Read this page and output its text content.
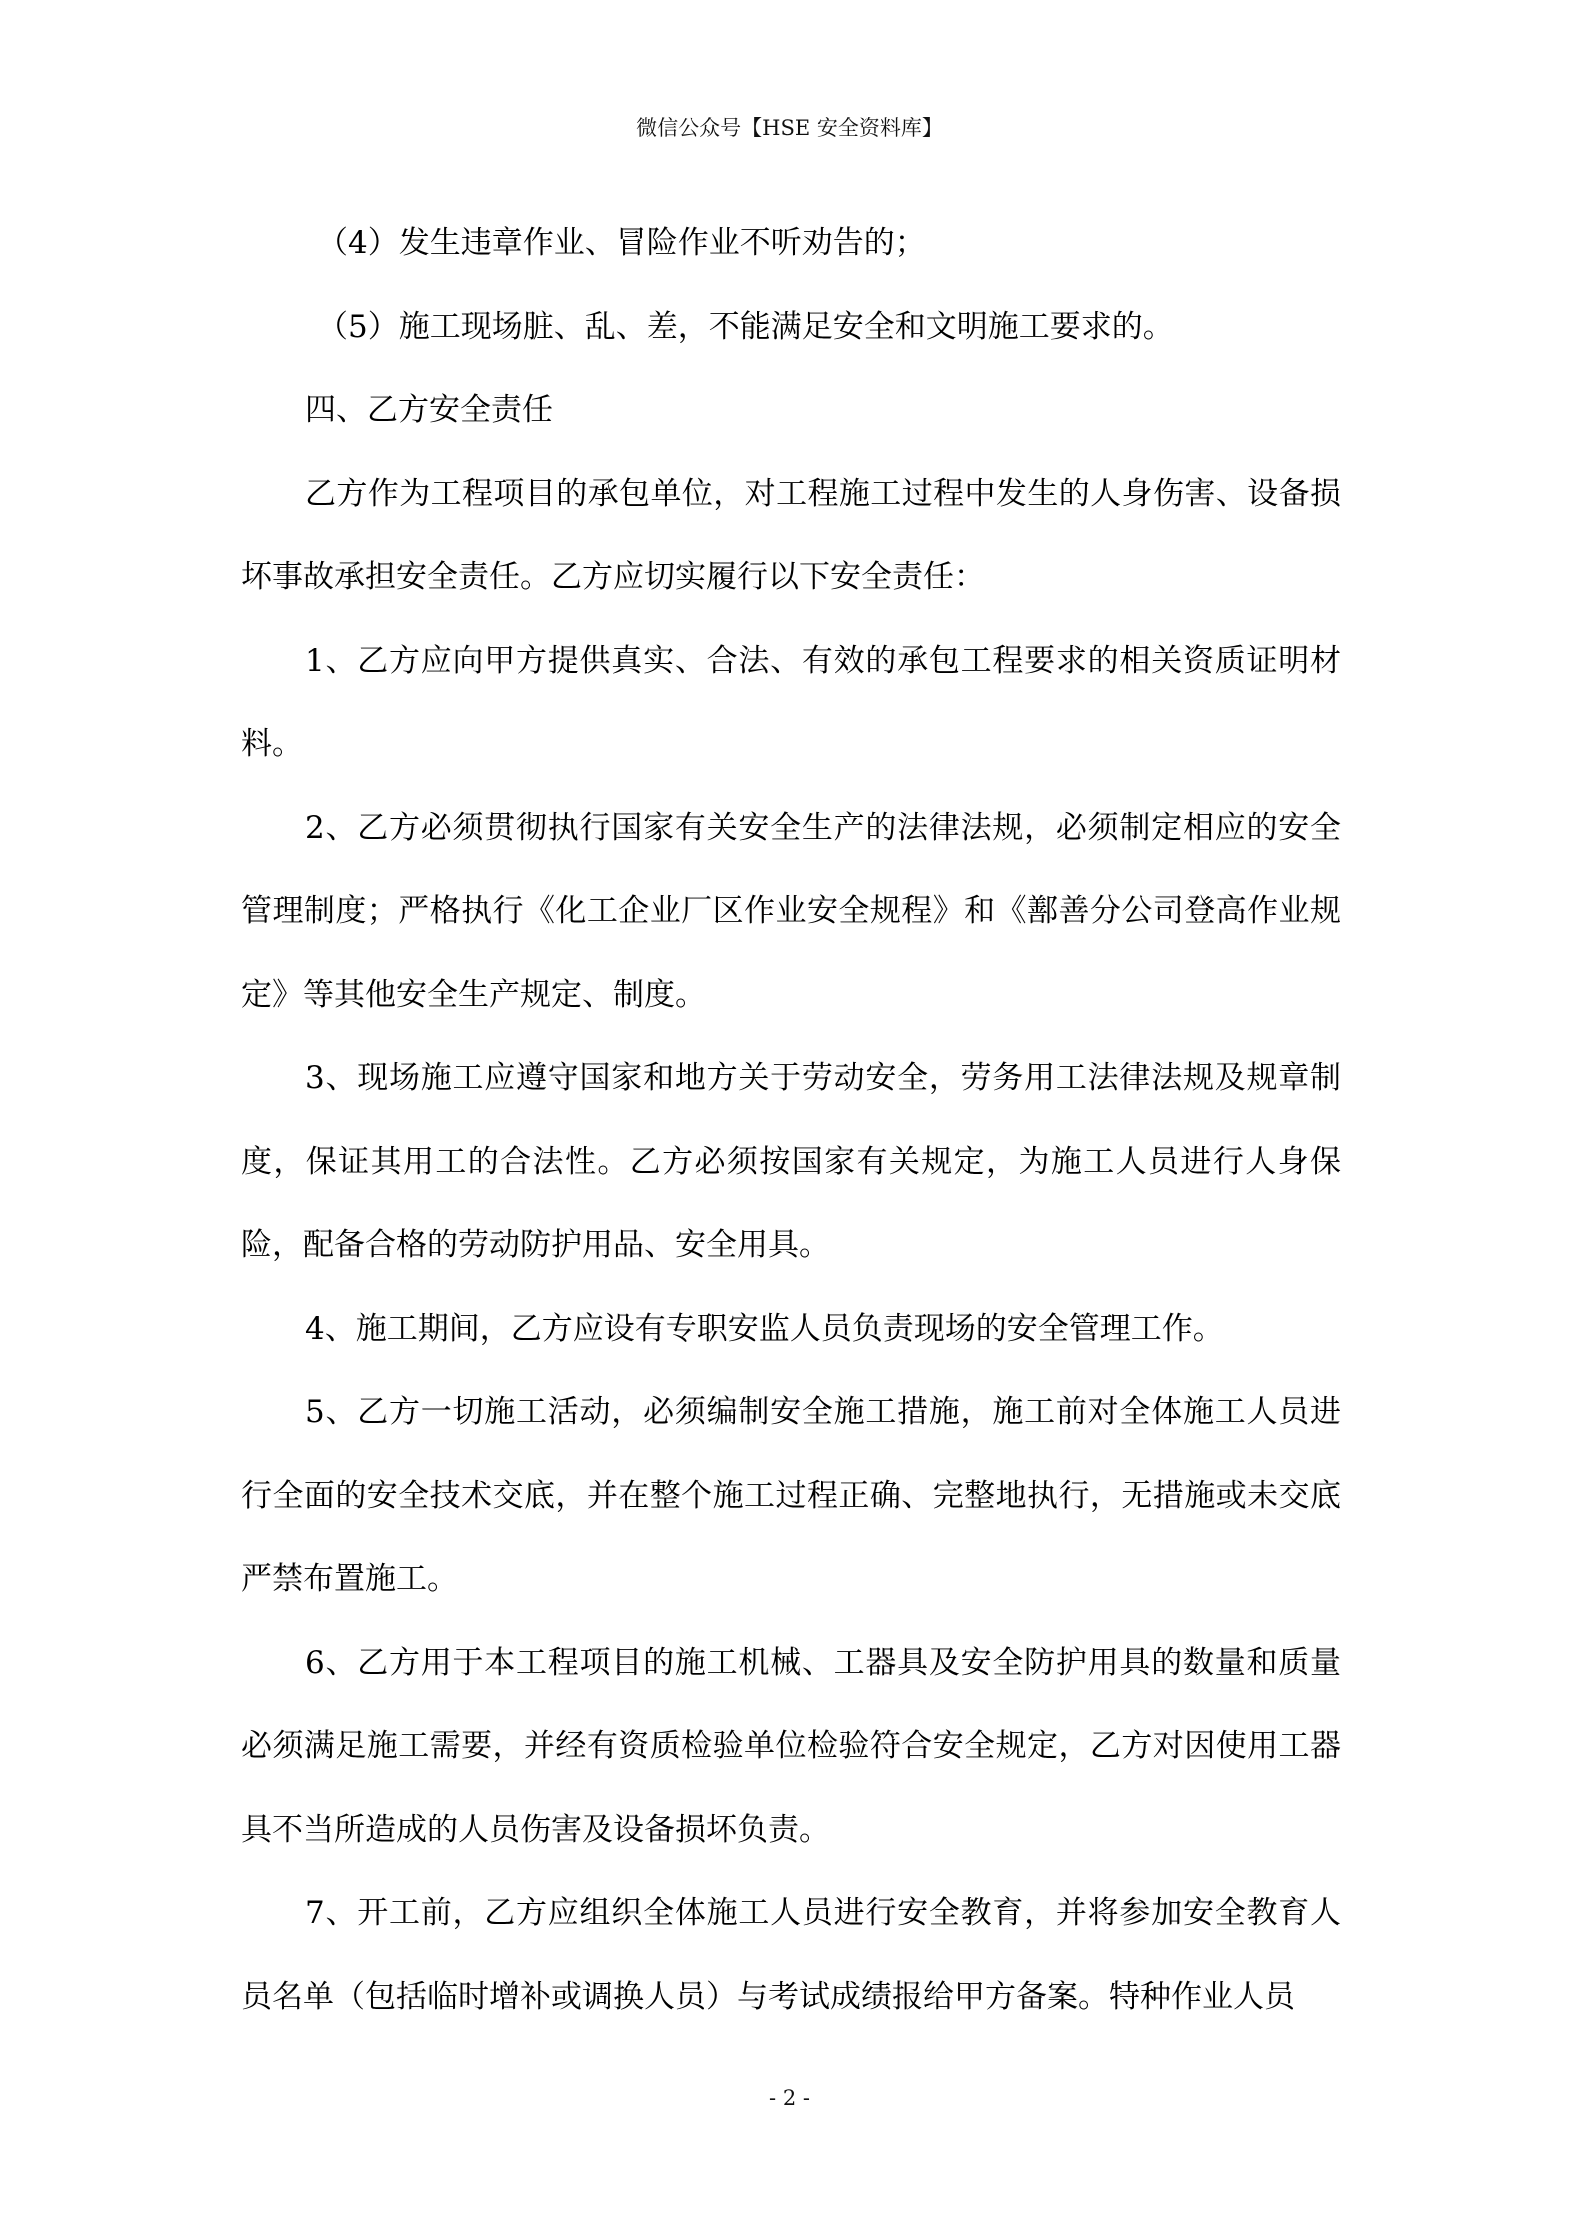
微信公众号【HSE 安全资料库】

（4）发生违章作业、冒险作业不听劝告的；

（5）施工现场脏、乱、差，不能满足安全和文明施工要求的。

四、乙方安全责任

乙方作为工程项目的承包单位，对工程施工过程中发生的人身伤害、设备损坏事故承担安全责任。乙方应切实履行以下安全责任：

1、乙方应向甲方提供真实、合法、有效的承包工程要求的相关资质证明材料。

2、乙方必须贯彻执行国家有关安全生产的法律法规，必须制定相应的安全管理制度；严格执行《化工企业厂区作业安全规程》和《鄯善分公司登高作业规定》等其他安全生产规定、制度。

3、现场施工应遵守国家和地方关于劳动安全，劳务用工法律法规及规章制度，保证其用工的合法性。乙方必须按国家有关规定，为施工人员进行人身保险，配备合格的劳动防护用品、安全用具。

4、施工期间，乙方应设有专职安监人员负责现场的安全管理工作。

5、乙方一切施工活动，必须编制安全施工措施，施工前对全体施工人员进行全面的安全技术交底，并在整个施工过程正确、完整地执行，无措施或未交底严禁布置施工。

6、乙方用于本工程项目的施工机械、工器具及安全防护用具的数量和质量必须满足施工需要，并经有资质检验单位检验符合安全规定，乙方对因使用工器具不当所造成的人员伤害及设备损坏负责。

7、开工前，乙方应组织全体施工人员进行安全教育，并将参加安全教育人员名单（包括临时增补或调换人员）与考试成绩报给甲方备案。特种作业人员

- 2 -
